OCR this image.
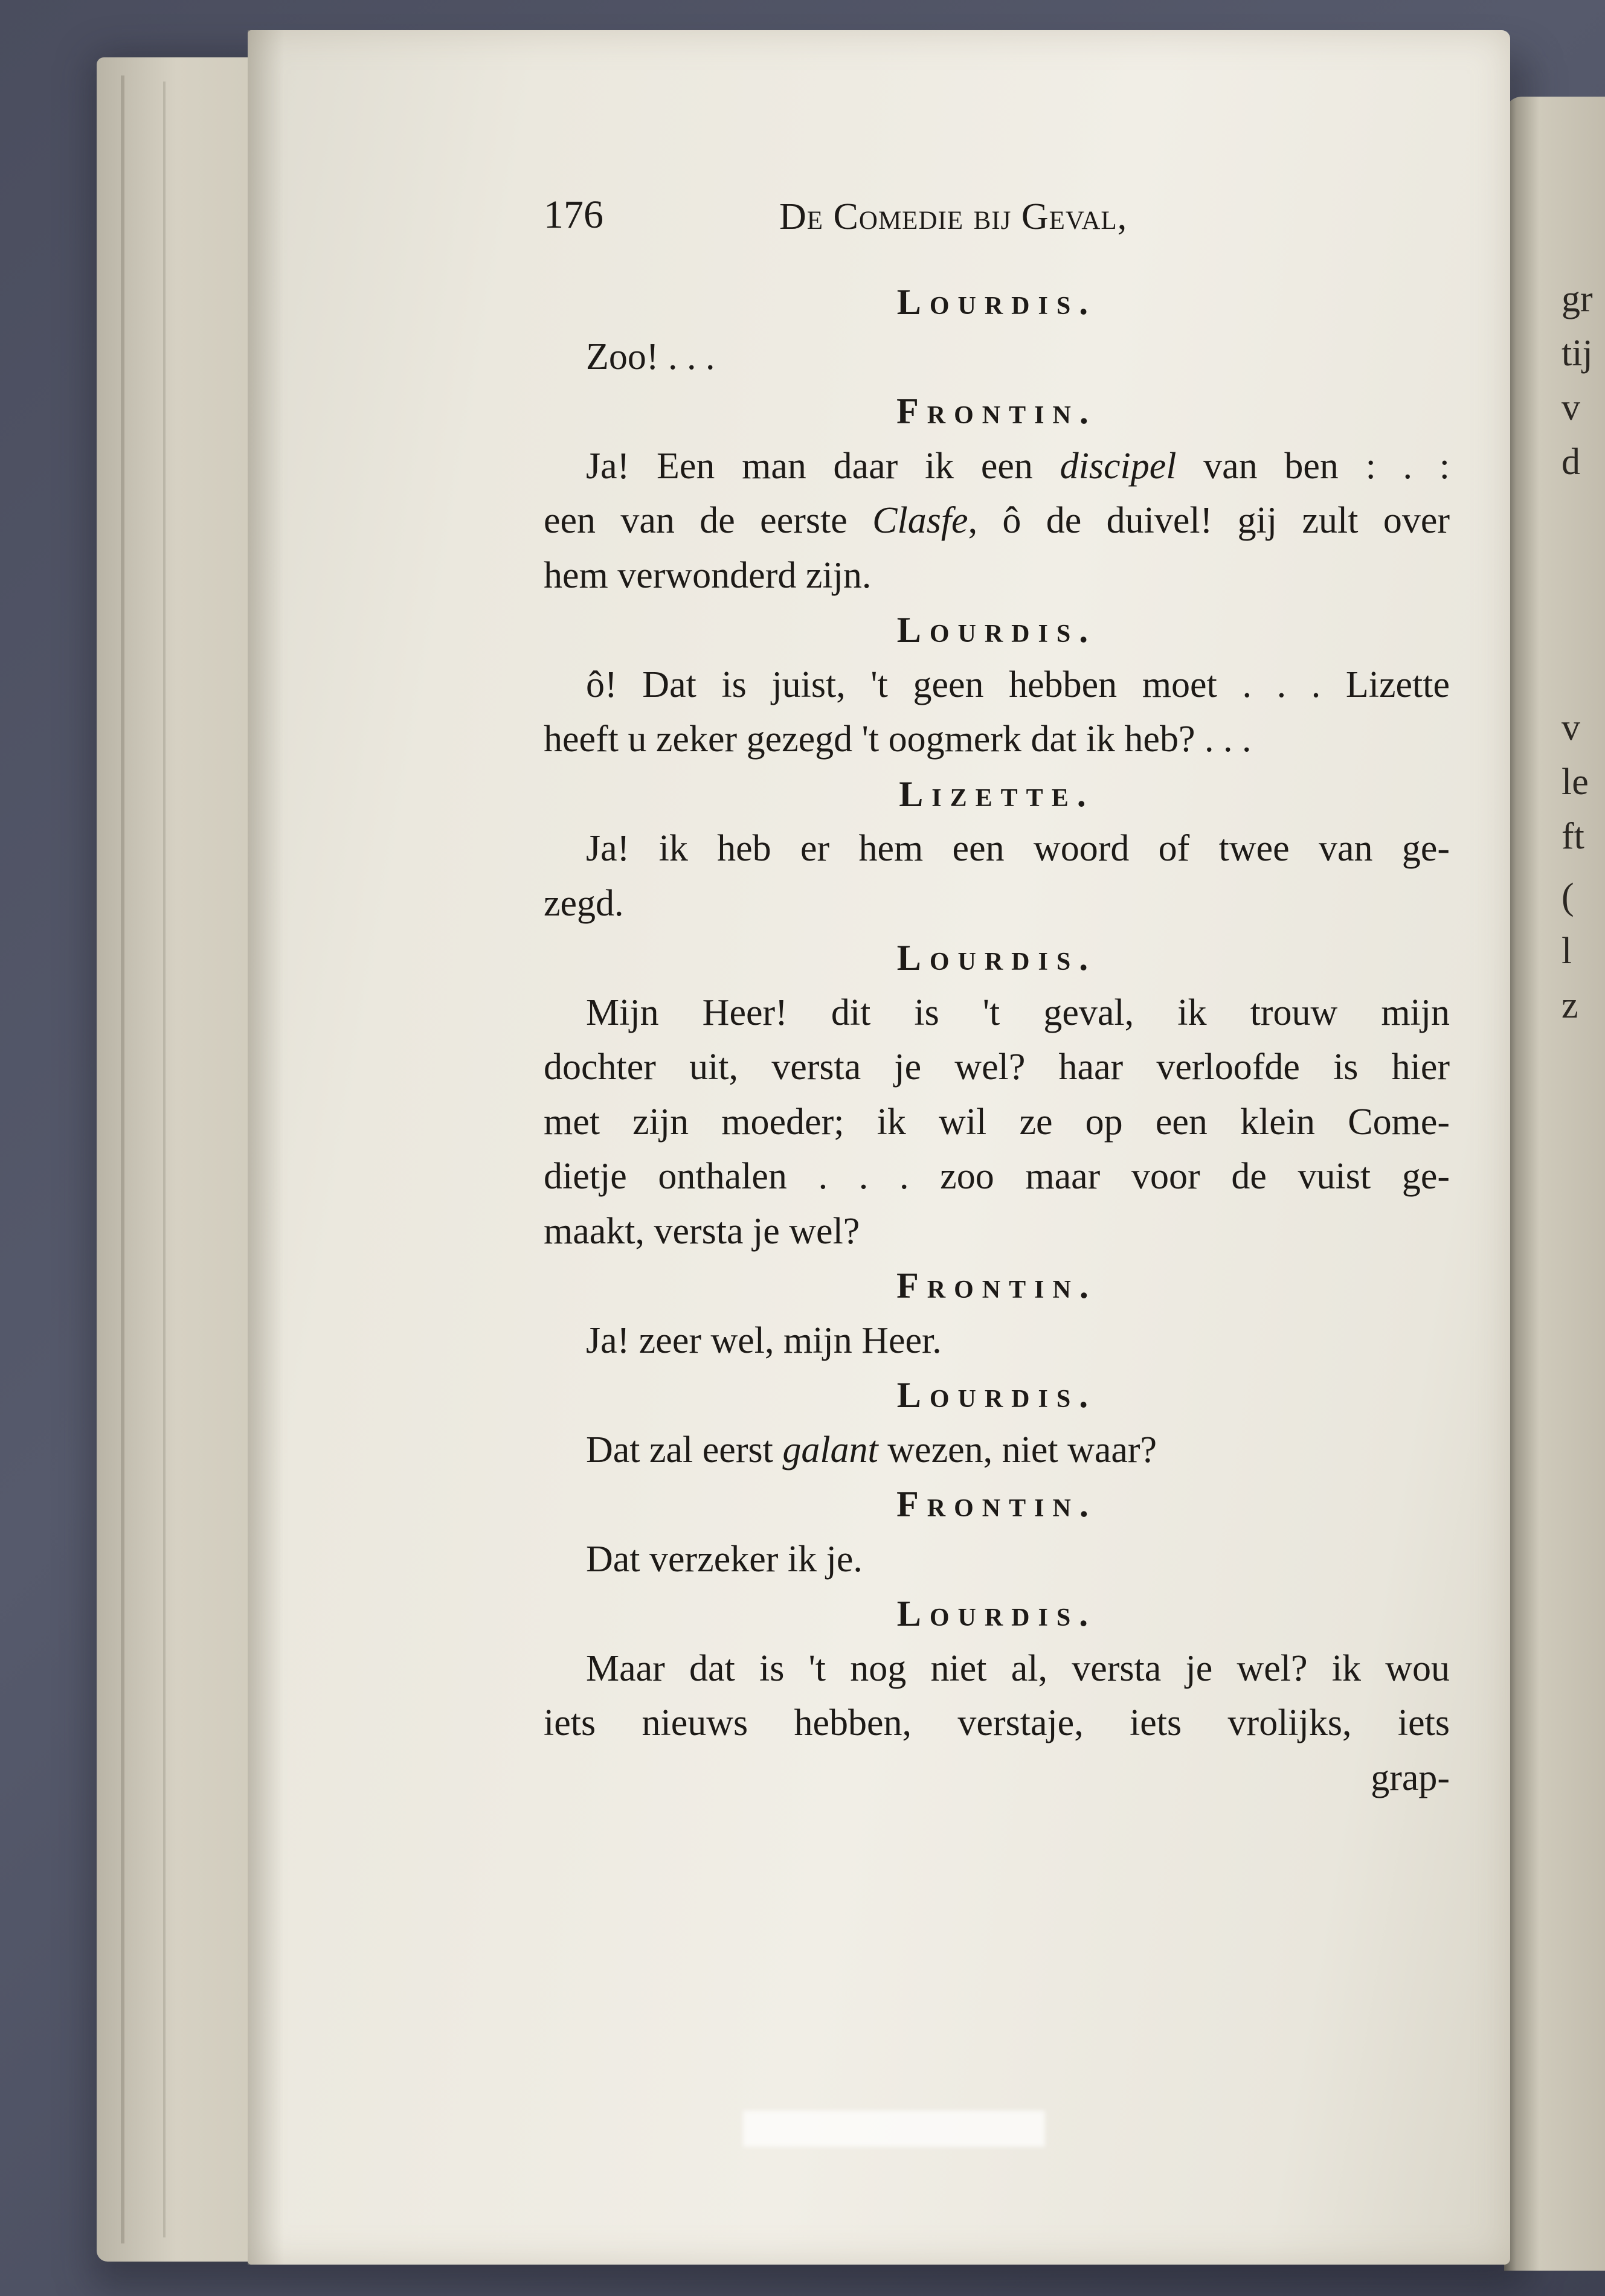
gr
tij
v
d
v
le
ft
(
l
z
176	De Comedie bij Geval,
Lourdis.
Zoo! . . .
Frontin.
Ja! Een man daar ik een discipel van ben : . :
een van de eerste Clasfe, ô de duivel! gij zult over
hem verwonderd zijn.
Lourdis.
ô! Dat is juist, 't geen hebben moet . . . Lizette
heeft u zeker gezegd 't oogmerk dat ik heb? . . .
Lizette.
Ja! ik heb er hem een woord of twee van ge-
zegd.
Lourdis.
Mijn Heer! dit is 't geval, ik trouw mijn
dochter uit, versta je wel? haar verloofde is hier
met zijn moeder; ik wil ze op een klein Come-
dietje onthalen . . . zoo maar voor de vuist ge-
maakt, versta je wel?
Frontin.
Ja! zeer wel, mijn Heer.
Lourdis.
Dat zal eerst galant wezen, niet waar?
Frontin.
Dat verzeker ik je.
Lourdis.
Maar dat is 't nog niet al, versta je wel? ik wou
iets nieuws hebben, verstaje, iets vrolijks, iets
grap-
